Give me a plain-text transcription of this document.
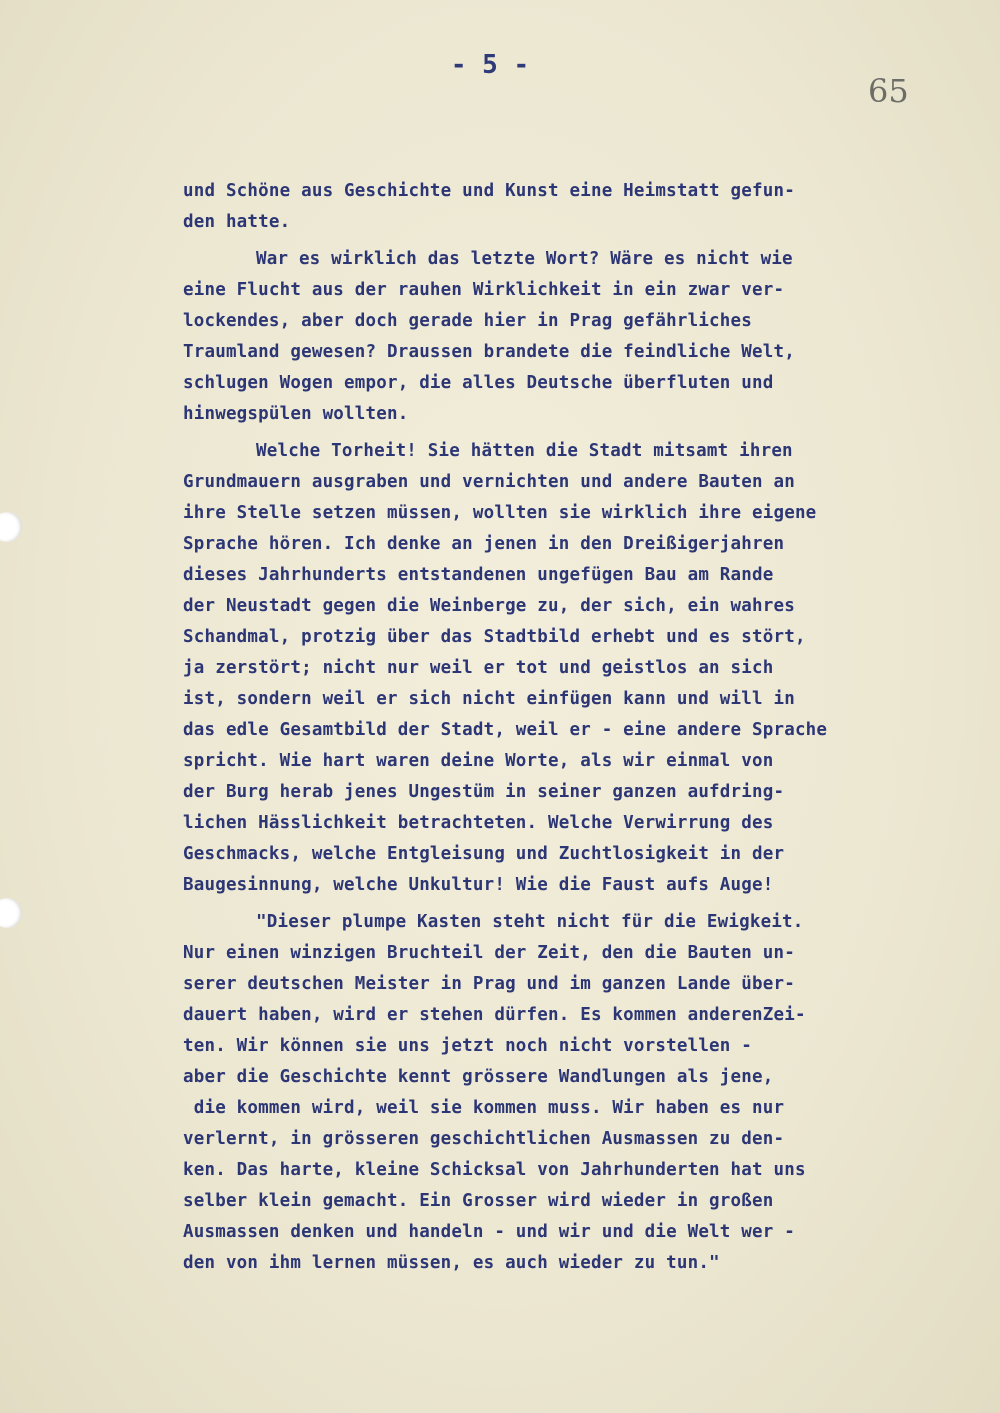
- 5 -
65
und Schöne aus Geschichte und Kunst eine Heimstatt gefun-
den hatte.
War es wirklich das letzte Wort? Wäre es nicht wie
eine Flucht aus der rauhen Wirklichkeit in ein zwar ver-
lockendes, aber doch gerade hier in Prag gefährliches
Traumland gewesen? Draussen brandete die feindliche Welt,
schlugen Wogen empor, die alles Deutsche überfluten und
hinwegspülen wollten.
Welche Torheit! Sie hätten die Stadt mitsamt ihren
Grundmauern ausgraben und vernichten und andere Bauten an
ihre Stelle setzen müssen, wollten sie wirklich ihre eigene
Sprache hören. Ich denke an jenen in den Dreißigerjahren
dieses Jahrhunderts entstandenen ungefügen Bau am Rande
der Neustadt gegen die Weinberge zu, der sich, ein wahres
Schandmal, protzig über das Stadtbild erhebt und es stört,
ja zerstört; nicht nur weil er tot und geistlos an sich
ist, sondern weil er sich nicht einfügen kann und will in
das edle Gesamtbild der Stadt, weil er - eine andere Sprache
spricht. Wie hart waren deine Worte, als wir einmal von
der Burg herab jenes Ungestüm in seiner ganzen aufdring-
lichen Hässlichkeit betrachteten. Welche Verwirrung des
Geschmacks, welche Entgleisung und Zuchtlosigkeit in der
Baugesinnung, welche Unkultur! Wie die Faust aufs Auge!
"Dieser plumpe Kasten steht nicht für die Ewigkeit.
Nur einen winzigen Bruchteil der Zeit, den die Bauten un-
serer deutschen Meister in Prag und im ganzen Lande über-
dauert haben, wird er stehen dürfen. Es kommen anderenZei-
ten. Wir können sie uns jetzt noch nicht vorstellen -
aber die Geschichte kennt grössere Wandlungen als jene,
die kommen wird, weil sie kommen muss. Wir haben es nur
verlernt, in grösseren geschichtlichen Ausmassen zu den-
ken. Das harte, kleine Schicksal von Jahrhunderten hat uns
selber klein gemacht. Ein Grosser wird wieder in großen
Ausmassen denken und handeln - und wir und die Welt wer -
den von ihm lernen müssen, es auch wieder zu tun."
